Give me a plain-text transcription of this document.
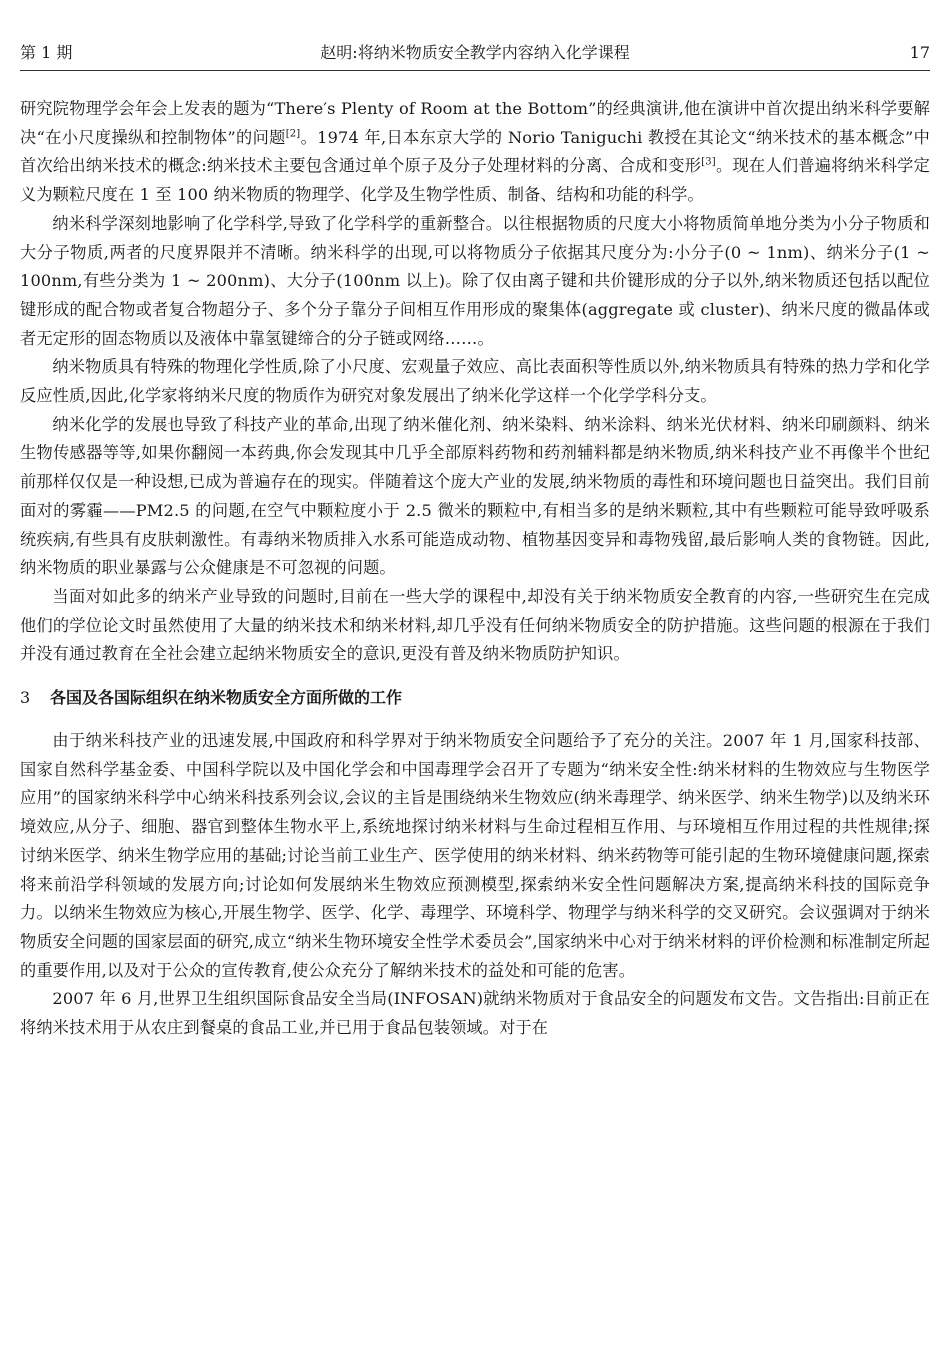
第 1 期	赵明:将纳米物质安全教学内容纳入化学课程	17

研究院物理学会年会上发表的题为“There′s Plenty of Room at the Bottom”的经典演讲,他在演讲中首次提出纳米科学要解决“在小尺度操纵和控制物体”的问题[2]。1974 年,日本东京大学的 Norio Taniguchi 教授在其论文“纳米技术的基本概念”中首次给出纳米技术的概念:纳米技术主要包含通过单个原子及分子处理材料的分离、合成和变形[3]。现在人们普遍将纳米科学定义为颗粒尺度在 1 至 100 纳米物质的物理学、化学及生物学性质、制备、结构和功能的科学。

纳米科学深刻地影响了化学科学,导致了化学科学的重新整合。以往根据物质的尺度大小将物质简单地分类为小分子物质和大分子物质,两者的尺度界限并不清晰。纳米科学的出现,可以将物质分子依据其尺度分为:小分子(0 ~ 1nm)、纳米分子(1 ~ 100nm,有些分类为 1 ~ 200nm)、大分子(100nm 以上)。除了仅由离子键和共价键形成的分子以外,纳米物质还包括以配位键形成的配合物或者复合物超分子、多个分子靠分子间相互作用形成的聚集体(aggregate 或 cluster)、纳米尺度的微晶体或者无定形的固态物质以及液体中靠氢键缔合的分子链或网络……。

纳米物质具有特殊的物理化学性质,除了小尺度、宏观量子效应、高比表面积等性质以外,纳米物质具有特殊的热力学和化学反应性质,因此,化学家将纳米尺度的物质作为研究对象发展出了纳米化学这样一个化学学科分支。

纳米化学的发展也导致了科技产业的革命,出现了纳米催化剂、纳米染料、纳米涂料、纳米光伏材料、纳米印刷颜料、纳米生物传感器等等,如果你翻阅一本药典,你会发现其中几乎全部原料药物和药剂辅料都是纳米物质,纳米科技产业不再像半个世纪前那样仅仅是一种设想,已成为普遍存在的现实。伴随着这个庞大产业的发展,纳米物质的毒性和环境问题也日益突出。我们目前面对的雾霾——PM2.5 的问题,在空气中颗粒度小于 2.5 微米的颗粒中,有相当多的是纳米颗粒,其中有些颗粒可能导致呼吸系统疾病,有些具有皮肤刺激性。有毒纳米物质排入水系可能造成动物、植物基因变异和毒物残留,最后影响人类的食物链。因此,纳米物质的职业暴露与公众健康是不可忽视的问题。

当面对如此多的纳米产业导致的问题时,目前在一些大学的课程中,却没有关于纳米物质安全教育的内容,一些研究生在完成他们的学位论文时虽然使用了大量的纳米技术和纳米材料,却几乎没有任何纳米物质安全的防护措施。这些问题的根源在于我们并没有通过教育在全社会建立起纳米物质安全的意识,更没有普及纳米物质防护知识。

3 各国及各国际组织在纳米物质安全方面所做的工作

由于纳米科技产业的迅速发展,中国政府和科学界对于纳米物质安全问题给予了充分的关注。2007 年 1 月,国家科技部、国家自然科学基金委、中国科学院以及中国化学会和中国毒理学会召开了专题为“纳米安全性:纳米材料的生物效应与生物医学应用”的国家纳米科学中心纳米科技系列会议,会议的主旨是围绕纳米生物效应(纳米毒理学、纳米医学、纳米生物学)以及纳米环境效应,从分子、细胞、器官到整体生物水平上,系统地探讨纳米材料与生命过程相互作用、与环境相互作用过程的共性规律;探讨纳米医学、纳米生物学应用的基础;讨论当前工业生产、医学使用的纳米材料、纳米药物等可能引起的生物环境健康问题,探索将来前沿学科领域的发展方向;讨论如何发展纳米生物效应预测模型,探索纳米安全性问题解决方案,提高纳米科技的国际竞争力。以纳米生物效应为核心,开展生物学、医学、化学、毒理学、环境科学、物理学与纳米科学的交叉研究。会议强调对于纳米物质安全问题的国家层面的研究,成立“纳米生物环境安全性学术委员会”,国家纳米中心对于纳米材料的评价检测和标准制定所起的重要作用,以及对于公众的宣传教育,使公众充分了解纳米技术的益处和可能的危害。

2007 年 6 月,世界卫生组织国际食品安全当局(INFOSAN)就纳米物质对于食品安全的问题发布文告。文告指出:目前正在将纳米技术用于从农庄到餐桌的食品工业,并已用于食品包装领域。对于在
